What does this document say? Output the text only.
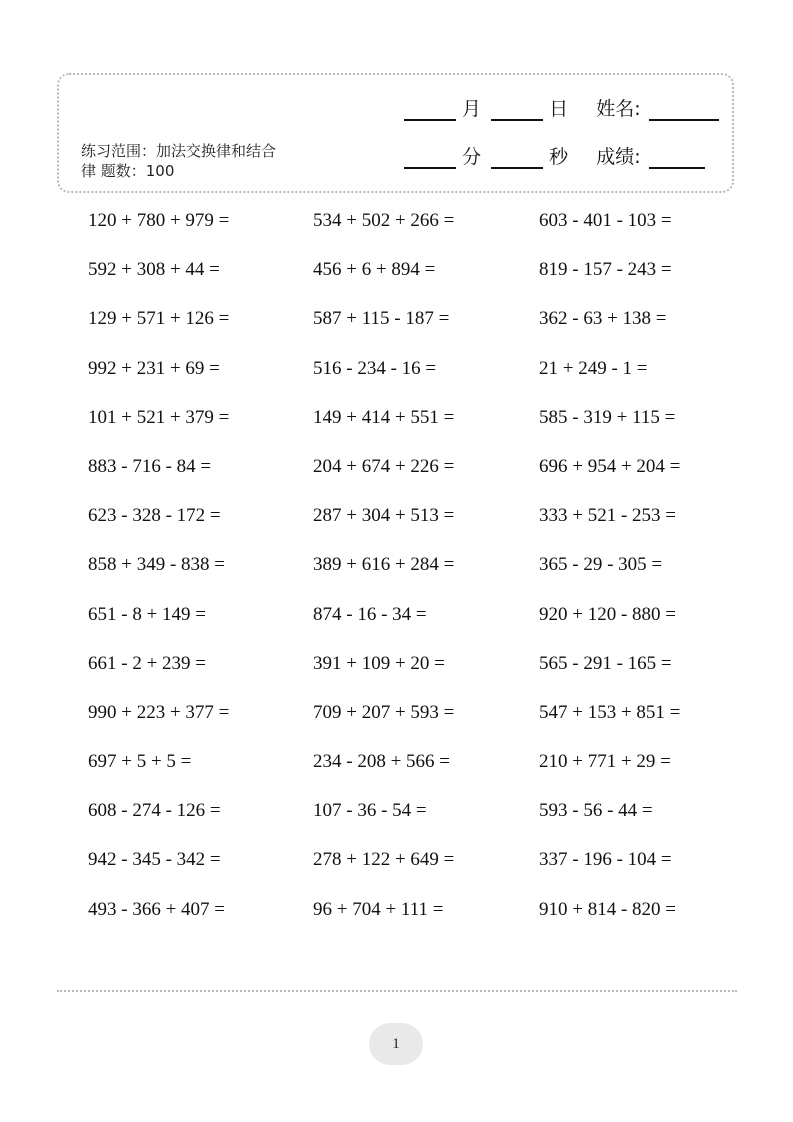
月	日 姓名:
练习范围：加法交换律和结合
律 题数：100
分	秒 成绩:
120 + 780 + 979 =	534 + 502 + 266 =	603 - 401 - 103 =
592 + 308 + 44 =	456 + 6 + 894 =	819 - 157 - 243 =
129 + 571 + 126 =	587 + 115 - 187 =	362 - 63 + 138 =
992 + 231 + 69 =	516 - 234 - 16 =	21 + 249 - 1 =
101 + 521 + 379 =	149 + 414 + 551 =	585 - 319 + 115 =
883 - 716 - 84 =	204 + 674 + 226 =	696 + 954 + 204 =
623 - 328 - 172 =	287 + 304 + 513 =	333 + 521 - 253 =
858 + 349 - 838 =	389 + 616 + 284 =	365 - 29 - 305 =
651 - 8 + 149 =	874 - 16 - 34 =	920 + 120 - 880 =
661 - 2 + 239 =	391 + 109 + 20 =	565 - 291 - 165 =
990 + 223 + 377 =	709 + 207 + 593 =	547 + 153 + 851 =
697 + 5 + 5 =	234 - 208 + 566 =	210 + 771 + 29 =
608 - 274 - 126 =	107 - 36 - 54 =	593 - 56 - 44 =
942 - 345 - 342 =	278 + 122 + 649 =	337 - 196 - 104 =
493 - 366 + 407 =	96 + 704 + 111 =	910 + 814 - 820 =
1
